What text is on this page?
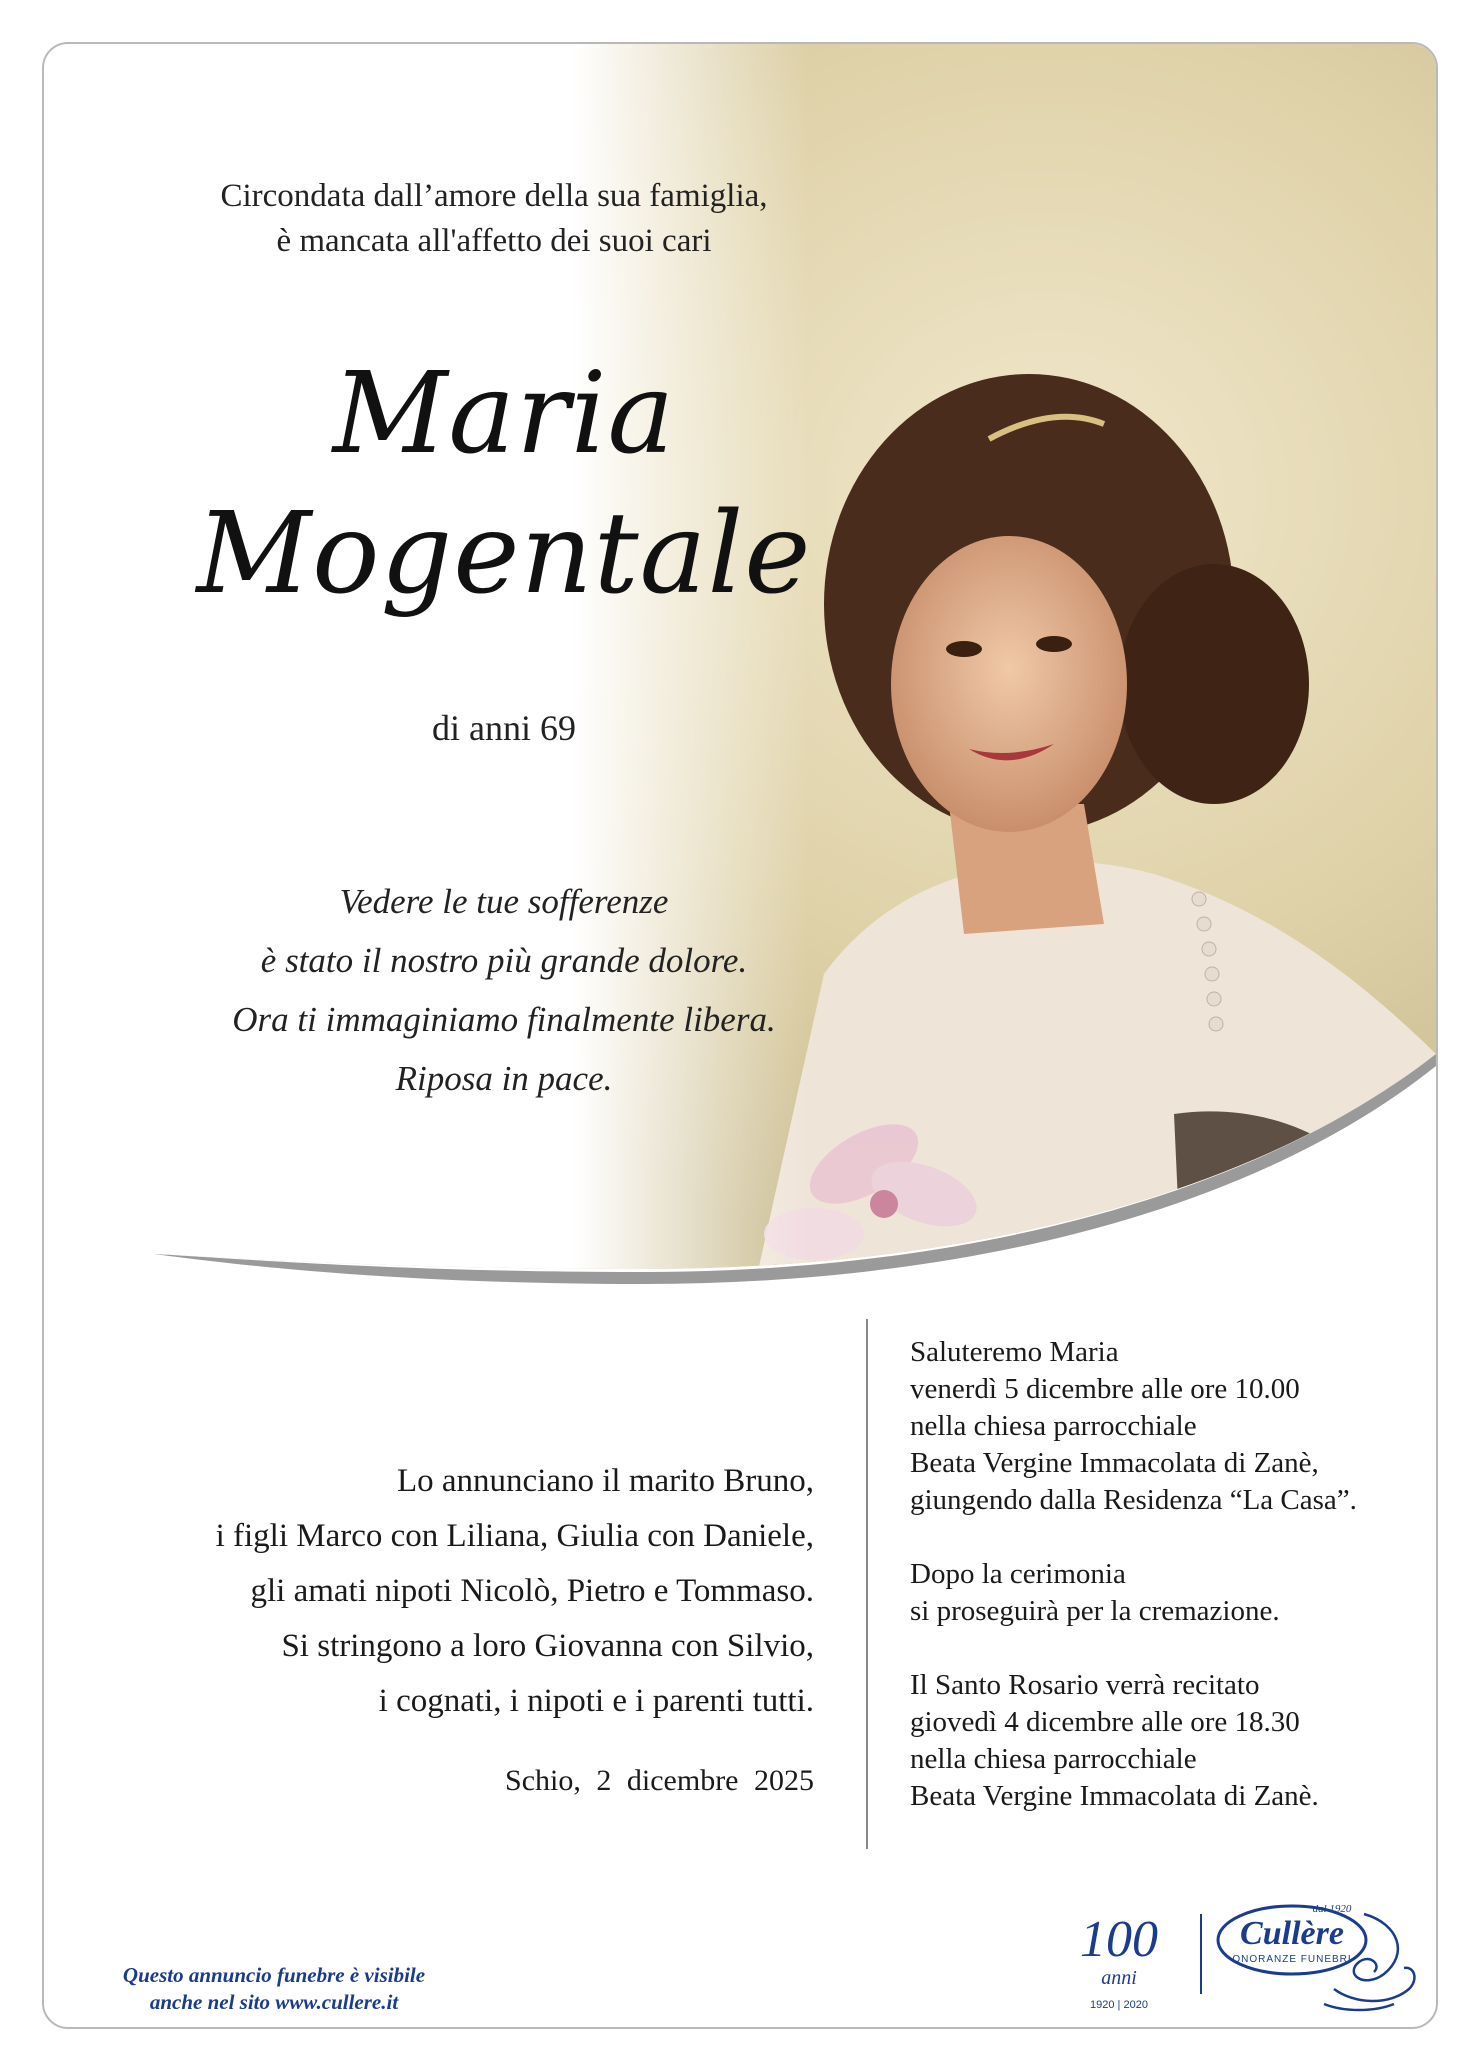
Circondata dall’amore della sua famiglia,
è mancata all'affetto dei suoi cari
Maria
Mogentale
di anni 69
Vedere le tue sofferenze
è stato il nostro più grande dolore.
Ora ti immaginiamo finalmente libera.
Riposa in pace.
Lo annunciano il marito Bruno,
i figli Marco con Liliana, Giulia con Daniele,
gli amati nipoti Nicolò, Pietro e Tommaso.
Si stringono a loro Giovanna con Silvio,
i cognati, i nipoti e i parenti tutti.
Schio, 2 dicembre 2025
Saluteremo Maria
venerdì 5 dicembre alle ore 10.00
nella chiesa parrocchiale
Beata Vergine Immacolata di Zanè,
giungendo dalla Residenza “La Casa”.
Dopo la cerimonia
si proseguirà per la cremazione.
Il Santo Rosario verrà recitato
giovedì 4 dicembre alle ore 18.30
nella chiesa parrocchiale
Beata Vergine Immacolata di Zanè.
Questo annuncio funebre è visibile
anche nel sito www.cullere.it
100
anni
1920 | 2020
dal 1920
Cullère
ONORANZE FUNEBRI
